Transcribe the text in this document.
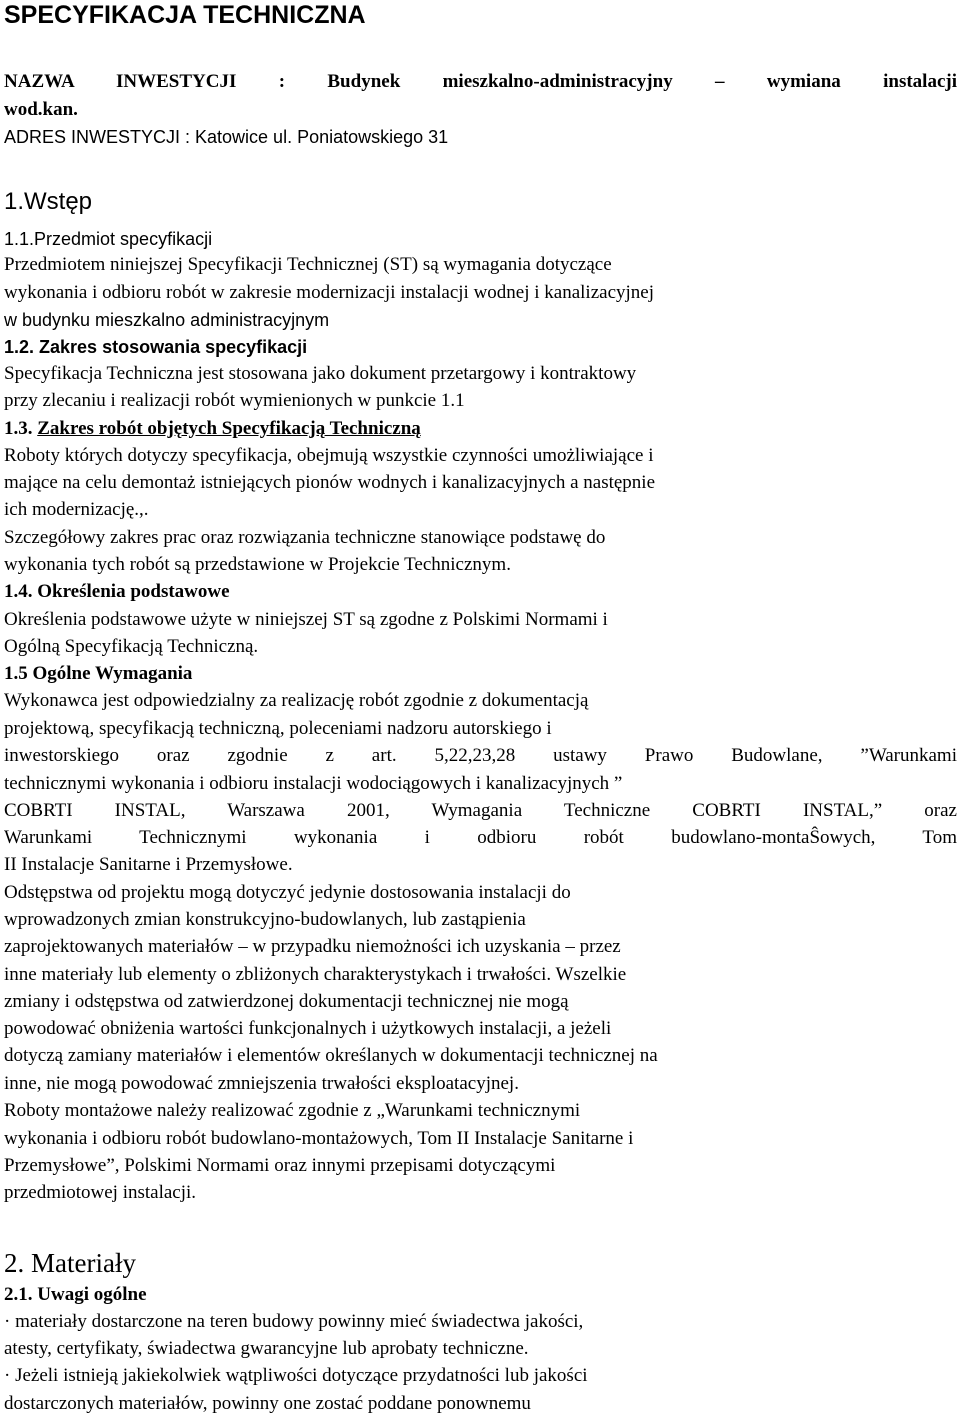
SPECYFIKACJA TECHNICZNA
NAZWA INWESTYCJI : Budynek mieszkalno-administracyjny – wymiana instalacji
wod.kan.
ADRES INWESTYCJI : Katowice ul. Poniatowskiego 31
1.Wstęp
1.1.Przedmiot specyfikacji
Przedmiotem niniejszej Specyfikacji Technicznej (ST) są wymagania dotyczące
wykonania i odbioru robót w zakresie modernizacji instalacji wodnej i kanalizacyjnej
w budynku mieszkalno administracyjnym
1.2. Zakres stosowania specyfikacji
Specyfikacja Techniczna jest stosowana jako dokument przetargowy i kontraktowy
przy zlecaniu i realizacji robót wymienionych w punkcie 1.1
1.3. Zakres robót objętych Specyfikacją Techniczną
Roboty których dotyczy specyfikacja, obejmują wszystkie czynności umożliwiające i
mające na celu demontaż istniejących pionów wodnych i kanalizacyjnych a następnie
ich modernizację.,.
Szczegółowy zakres prac oraz rozwiązania techniczne stanowiące podstawę do
wykonania tych robót są przedstawione w Projekcie Technicznym.
1.4. Określenia podstawowe
Określenia podstawowe użyte w niniejszej ST są zgodne z Polskimi Normami i
Ogólną Specyfikacją Techniczną.
1.5 Ogólne Wymagania
Wykonawca jest odpowiedzialny za realizację robót zgodnie z dokumentacją
projektową, specyfikacją techniczną, poleceniami nadzoru autorskiego i
inwestorskiego oraz zgodnie z art. 5,22,23,28 ustawy Prawo Budowlane, ”Warunkami
technicznymi wykonania i odbioru instalacji wodociągowych i kanalizacyjnych ”
COBRTI INSTAL, Warszawa 2001, Wymagania Techniczne COBRTI INSTAL,” oraz
Warunkami Technicznymi wykonania i odbioru robót budowlano-montaŜowych, Tom
II Instalacje Sanitarne i Przemysłowe.
Odstępstwa od projektu mogą dotyczyć jedynie dostosowania instalacji do
wprowadzonych zmian konstrukcyjno-budowlanych, lub zastąpienia
zaprojektowanych materiałów – w przypadku niemożności ich uzyskania – przez
inne materiały lub elementy o zbliżonych charakterystykach i trwałości. Wszelkie
zmiany i odstępstwa od zatwierdzonej dokumentacji technicznej nie mogą
powodować obniżenia wartości funkcjonalnych i użytkowych instalacji, a jeżeli
dotyczą zamiany materiałów i elementów określanych w dokumentacji technicznej na
inne, nie mogą powodować zmniejszenia trwałości eksploatacyjnej.
Roboty montażowe należy realizować zgodnie z „Warunkami technicznymi
wykonania i odbioru robót budowlano-montażowych, Tom II Instalacje Sanitarne i
Przemysłowe”, Polskimi Normami oraz innymi przepisami dotyczącymi
przedmiotowej instalacji.
2. Materiały
2.1. Uwagi ogólne
· materiały dostarczone na teren budowy powinny mieć świadectwa jakości,
atesty, certyfikaty, świadectwa gwarancyjne lub aprobaty techniczne.
· Jeżeli istnieją jakiekolwiek wątpliwości dotyczące przydatności lub jakości
dostarczonych materiałów, powinny one zostać poddane ponownemu
